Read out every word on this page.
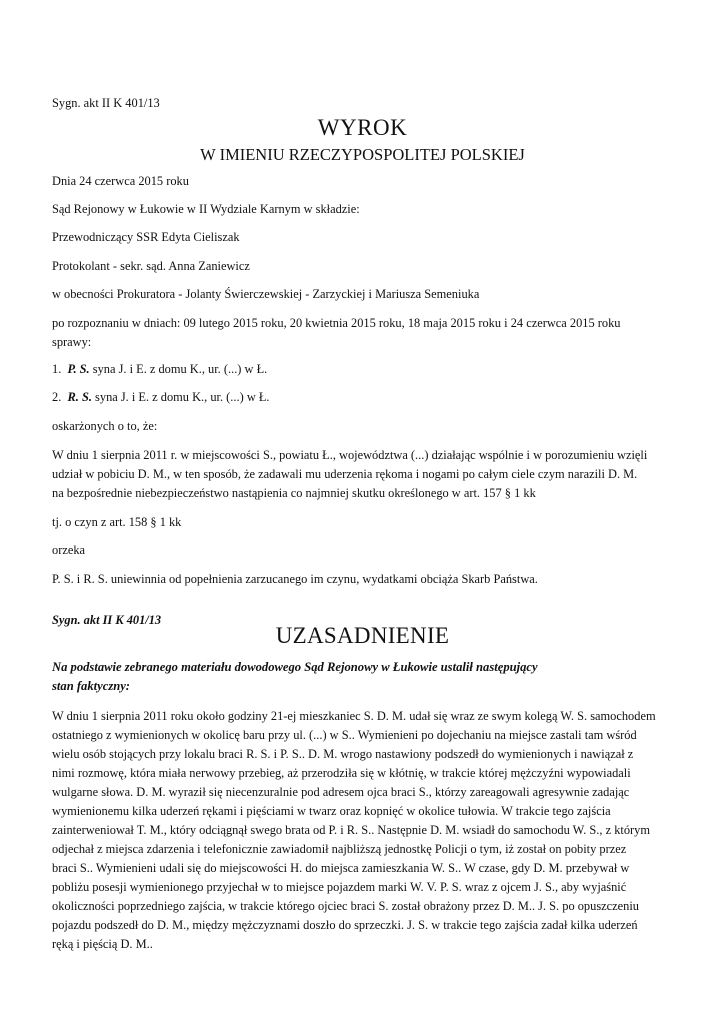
Sygn. akt II K 401/13

WYROK
W IMIENIU RZECZYPOSPOLITEJ POLSKIEJ

Dnia 24 czerwca 2015 roku

Sąd Rejonowy w Łukowie w II Wydziale Karnym w składzie:

Przewodniczący SSR Edyta Cieliszak

Protokolant - sekr. sąd. Anna Zaniewicz

w obecności Prokuratora - Jolanty Świerczewskiej - Zarzyckiej i Mariusza Semeniuka

po rozpoznaniu w dniach: 09 lutego 2015 roku, 20 kwietnia 2015 roku, 18 maja 2015 roku i 24 czerwca 2015 roku

sprawy:

1. P. S. syna J. i E. z domu K., ur. (...) w Ł.

2. R. S. syna J. i E. z domu K., ur. (...) w Ł.

oskarżonych o to, że:

W dniu 1 sierpnia 2011 r. w miejscowości S., powiatu Ł., województwa (...) działając wspólnie i w porozumieniu wzięli

udział w pobiciu D. M., w ten sposób, że zadawali mu uderzenia rękoma i nogami po całym ciele czym narazili D. M.

na bezpośrednie niebezpieczeństwo nastąpienia co najmniej skutku określonego w art. 157 § 1 kk

tj. o czyn z art. 158 § 1 kk

orzeka

P. S. i R. S. uniewinnia od popełnienia zarzucanego im czynu, wydatkami obciąża Skarb Państwa.

Sygn. akt II K 401/13

UZASADNIENIE
Na podstawie zebranego materiału dowodowego Sąd Rejonowy w Łukowie ustalił następujący
stan faktyczny:

W dniu 1 sierpnia 2011 roku około godziny 21-ej mieszkaniec S. D. M. udał się wraz ze swym kolegą W. S. samochodem

ostatniego z wymienionych w okolicę baru przy ul. (...) w S.. Wymienieni po dojechaniu na miejsce zastali tam wśród

wielu osób stojących przy lokalu braci R. S. i P. S.. D. M. wrogo nastawiony podszedł do wymienionych i nawiązał z

nimi rozmowę, która miała nerwowy przebieg, aż przerodziła się w kłótnię, w trakcie której mężczyźni wypowiadali

wulgarne słowa. D. M. wyraził się niecenzuralnie pod adresem ojca braci S., którzy zareagowali agresywnie zadając

wymienionemu kilka uderzeń rękami i pięściami w twarz oraz kopnięć w okolice tułowia. W trakcie tego zajścia

zainterweniował T. M., który odciągnął swego brata od P. i R. S.. Następnie D. M. wsiadł do samochodu W. S., z którym

odjechał z miejsca zdarzenia i telefonicznie zawiadomił najbliższą jednostkę Policji o tym, iż został on pobity przez

braci S.. Wymienieni udali się do miejscowości H. do miejsca zamieszkania W. S.. W czase, gdy D. M. przebywał w

pobliżu posesji wymienionego przyjechał w to miejsce pojazdem marki W. V. P. S. wraz z ojcem J. S., aby wyjaśnić

okoliczności poprzedniego zajścia, w trakcie którego ojciec braci S. został obrażony przez D. M.. J. S. po opuszczeniu

pojazdu podszedł do D. M., między mężczyznami doszło do sprzeczki. J. S. w trakcie tego zajścia zadał kilka uderzeń

ręką i pięścią D. M..
